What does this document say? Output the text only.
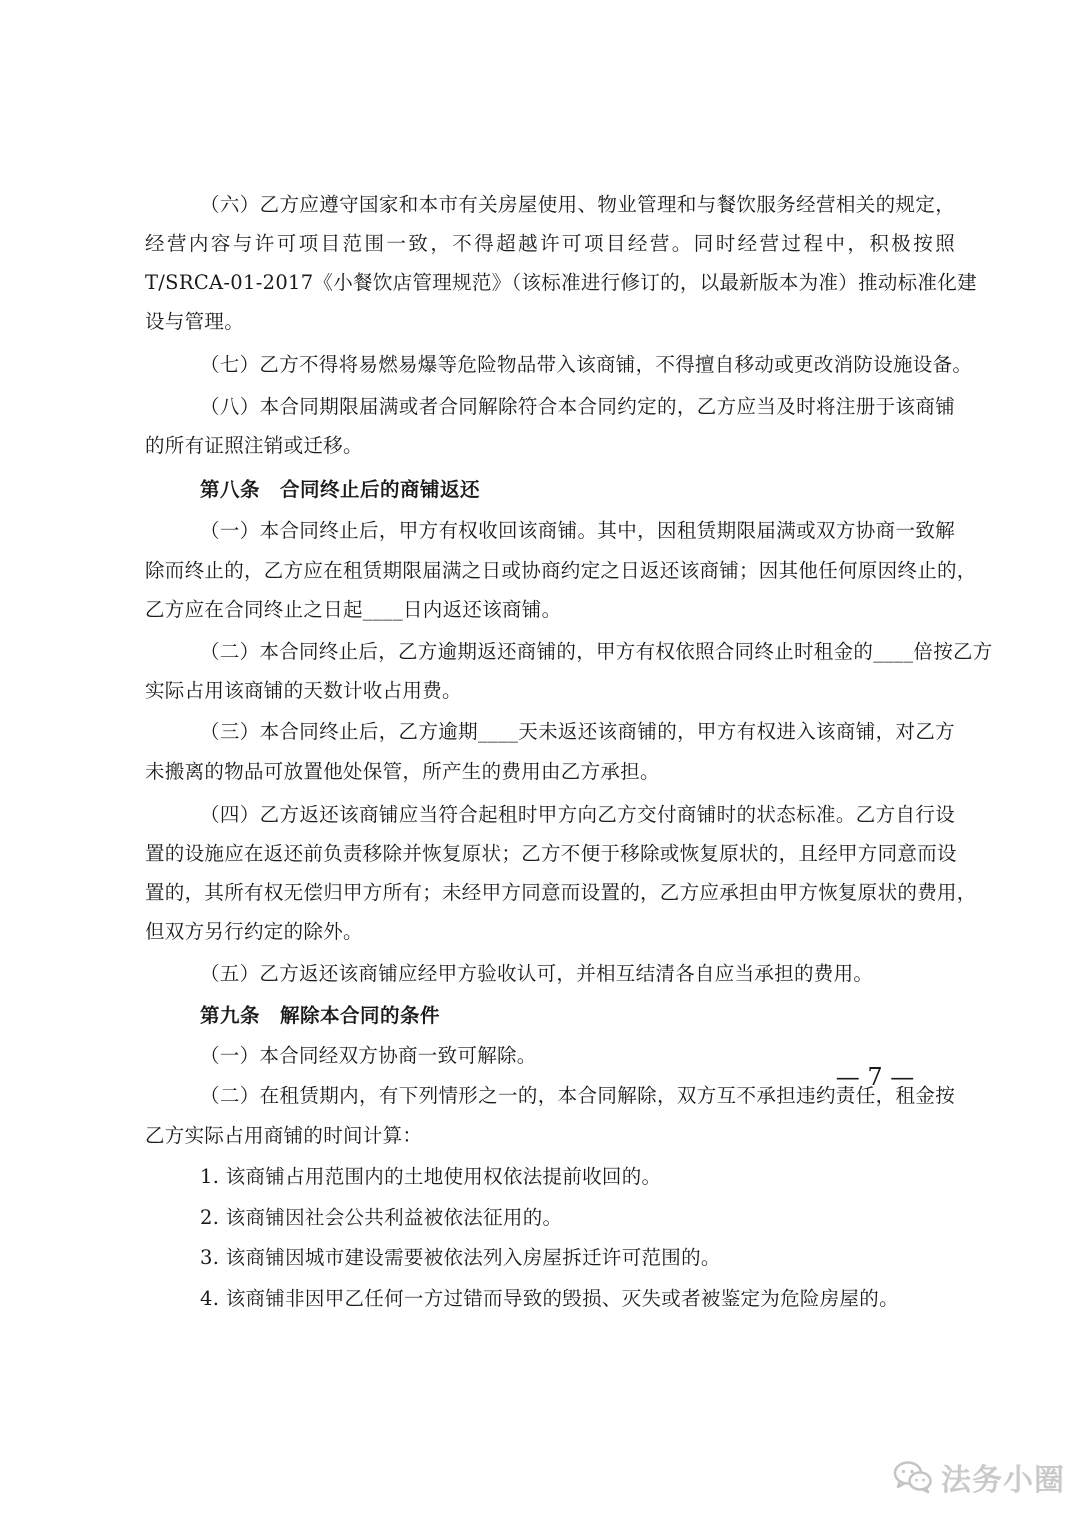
（六）乙方应遵守国家和本市有关房屋使用、物业管理和与餐饮服务经营相关的规定，
经营内容与许可项目范围一致，不得超越许可项目经营。同时经营过程中，积极按照
T/SRCA-01-2017《小餐饮店管理规范》（该标准进行修订的，以最新版本为准）推动标准化建
设与管理。
（七）乙方不得将易燃易爆等危险物品带入该商铺，不得擅自移动或更改消防设施设备。
（八）本合同期限届满或者合同解除符合本合同约定的，乙方应当及时将注册于该商铺
的所有证照注销或迁移。
第八条　合同终止后的商铺返还
（一）本合同终止后，甲方有权收回该商铺。其中，因租赁期限届满或双方协商一致解
除而终止的，乙方应在租赁期限届满之日或协商约定之日返还该商铺；因其他任何原因终止的，
乙方应在合同终止之日起____日内返还该商铺。
（二）本合同终止后，乙方逾期返还商铺的，甲方有权依照合同终止时租金的____倍按乙方
实际占用该商铺的天数计收占用费。
（三）本合同终止后，乙方逾期____天未返还该商铺的，甲方有权进入该商铺，对乙方
未搬离的物品可放置他处保管，所产生的费用由乙方承担。
（四）乙方返还该商铺应当符合起租时甲方向乙方交付商铺时的状态标准。乙方自行设
置的设施应在返还前负责移除并恢复原状；乙方不便于移除或恢复原状的，且经甲方同意而设
置的，其所有权无偿归甲方所有；未经甲方同意而设置的，乙方应承担由甲方恢复原状的费用，
但双方另行约定的除外。
（五）乙方返还该商铺应经甲方验收认可，并相互结清各自应当承担的费用。
第九条　解除本合同的条件
（一）本合同经双方协商一致可解除。
（二）在租赁期内，有下列情形之一的，本合同解除，双方互不承担违约责任，租金按
乙方实际占用商铺的时间计算：
1. 该商铺占用范围内的土地使用权依法提前收回的。
2. 该商铺因社会公共利益被依法征用的。
3. 该商铺因城市建设需要被依法列入房屋拆迁许可范围的。
4. 该商铺非因甲乙任何一方过错而导致的毁损、灭失或者被鉴定为危险房屋的。
— 7 —
法务小圈
